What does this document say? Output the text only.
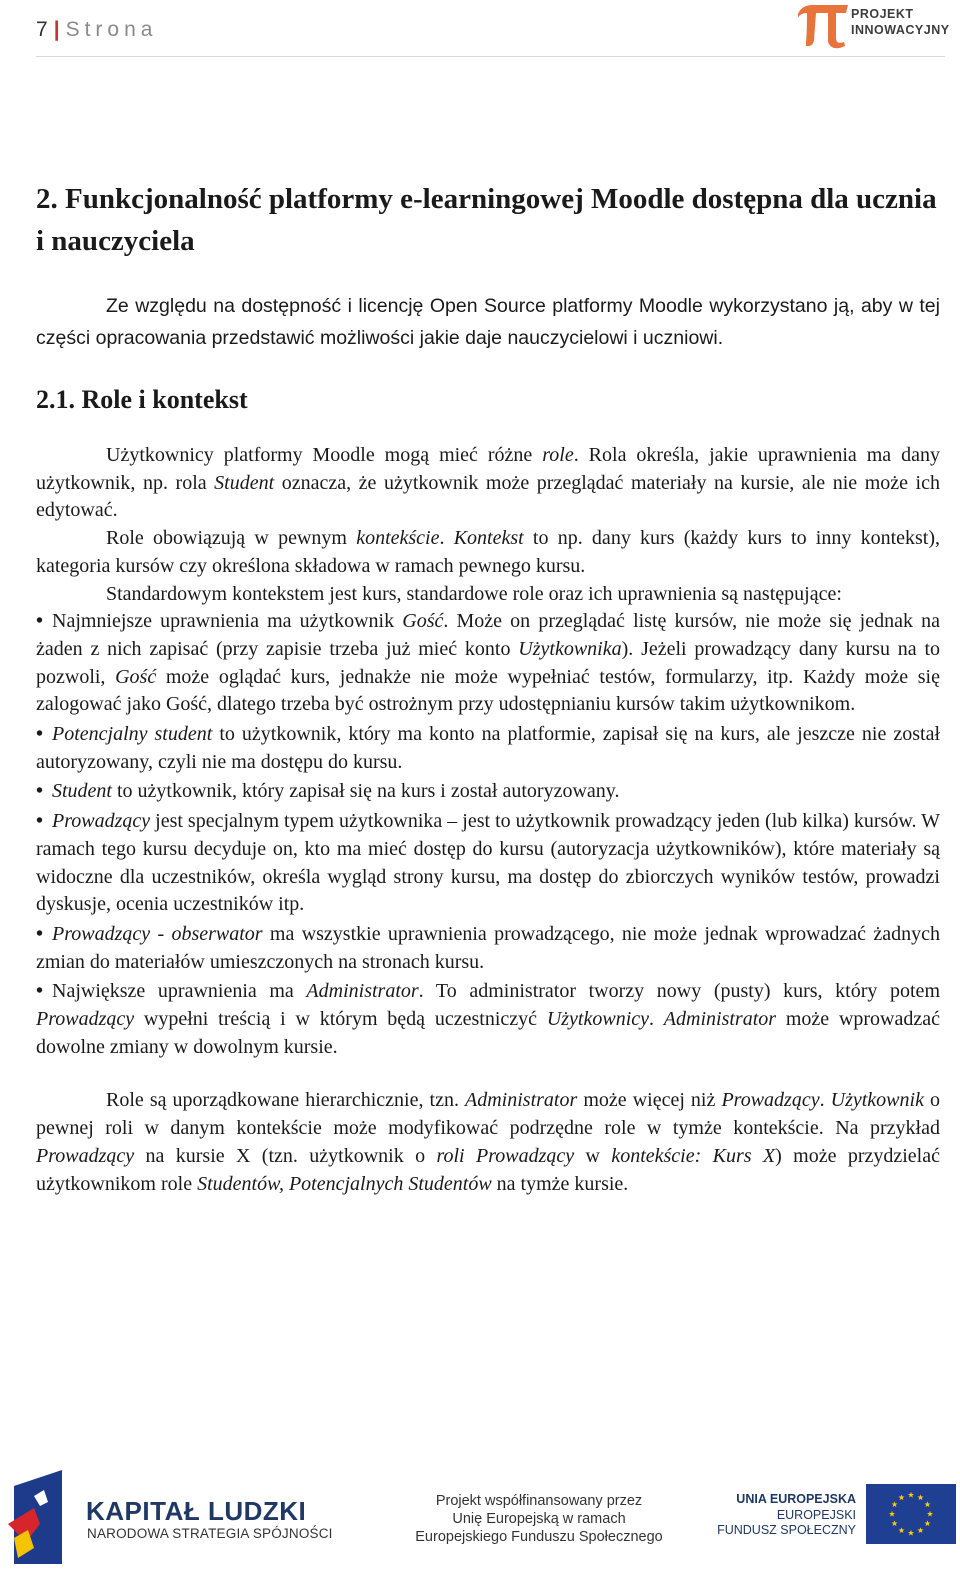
7 | Strona
PROJEKT
INNOWACYJNY
2. Funkcjonalność platformy e-learningowej Moodle dostępna dla ucznia i nauczyciela

Ze względu na dostępność i licencję Open Source platformy Moodle wykorzystano ją, aby w tej części opracowania przedstawić możliwości jakie daje nauczycielowi i uczniowi.

2.1. Role i kontekst

Użytkownicy platformy Moodle mogą mieć różne role. Rola określa, jakie uprawnienia ma dany użytkownik, np. rola Student oznacza, że użytkownik może przeglądać materiały na kursie, ale nie może ich edytować.

Role obowiązują w pewnym kontekście. Kontekst to np. dany kurs (każdy kurs to inny kontekst), kategoria kursów czy określona składowa w ramach pewnego kursu.

Standardowym kontekstem jest kurs, standardowe role oraz ich uprawnienia są następujące:

• Najmniejsze uprawnienia ma użytkownik Gość. Może on przeglądać listę kursów, nie może się jednak na żaden z nich zapisać (przy zapisie trzeba już mieć konto Użytkownika). Jeżeli prowadzący dany kursu na to pozwoli, Gość może oglądać kurs, jednakże nie może wypełniać testów, formularzy, itp. Każdy może się zalogować jako Gość, dlatego trzeba być ostrożnym przy udostępnianiu kursów takim użytkownikom.

• Potencjalny student to użytkownik, który ma konto na platformie, zapisał się na kurs, ale jeszcze nie został autoryzowany, czyli nie ma dostępu do kursu.

• Student to użytkownik, który zapisał się na kurs i został autoryzowany.

• Prowadzący jest specjalnym typem użytkownika – jest to użytkownik prowadzący jeden (lub kilka) kursów. W ramach tego kursu decyduje on, kto ma mieć dostęp do kursu (autoryzacja użytkowników), które materiały są widoczne dla uczestników, określa wygląd strony kursu, ma dostęp do zbiorczych wyników testów, prowadzi dyskusje, ocenia uczestników itp.

• Prowadzący - obserwator ma wszystkie uprawnienia prowadzącego, nie może jednak wprowadzać żadnych zmian do materiałów umieszczonych na stronach kursu.

• Największe uprawnienia ma Administrator. To administrator tworzy nowy (pusty) kurs, który potem Prowadzący wypełni treścią i w którym będą uczestniczyć Użytkownicy. Administrator może wprowadzać dowolne zmiany w dowolnym kursie.

Role są uporządkowane hierarchicznie, tzn. Administrator może więcej niż Prowadzący. Użytkownik o pewnej roli w danym kontekście może modyfikować podrzędne role w tymże kontekście. Na przykład Prowadzący na kursie X (tzn. użytkownik o roli Prowadzący w kontekście: Kurs X) może przydzielać użytkownikom role Studentów, Potencjalnych Studentów na tymże kursie.

KAPITAŁ LUDZKI
NARODOWA STRATEGIA SPÓJNOŚCI
Projekt współfinansowany przez
Unię Europejską w ramach
Europejskiego Funduszu Społecznego
UNIA EUROPEJSKA
EUROPEJSKI
FUNDUSZ SPOŁECZNY
